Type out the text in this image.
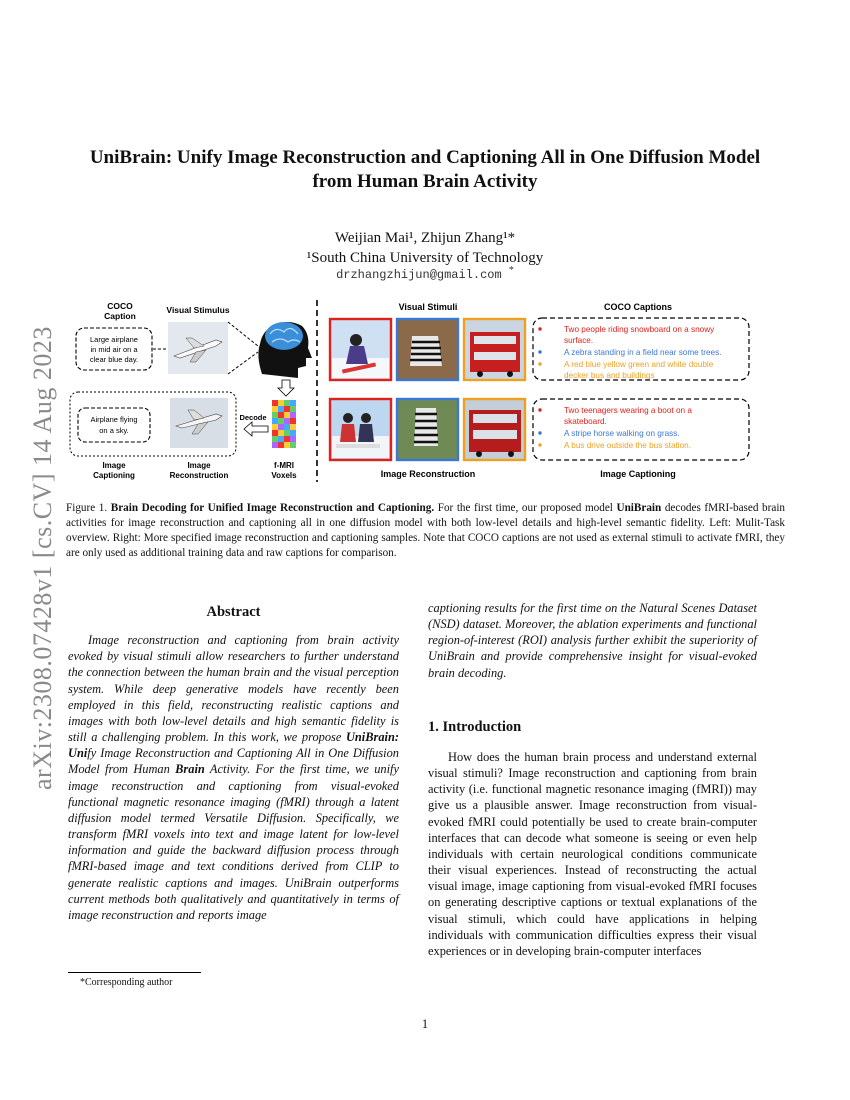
arXiv:2308.07428v1 [cs.CV] 14 Aug 2023
UniBrain: Unify Image Reconstruction and Captioning All in One Diffusion Model from Human Brain Activity
Weijian Mai¹, Zhijun Zhang¹*
¹South China University of Technology
drzhangzhijun@gmail.com *
COCO
Caption
Visual Stimulus
Large airplane
in mid air on a
clear blue day.
Decode
Airplane flying
on a sky.
Image
Captioning
Image
Reconstruction
f-MRI
Voxels
Visual Stimuli	COCO Captions
Two people riding snowboard on a snowy
surface.
A zebra standing in a field near some trees.
A red blue yellow green and white double
decker bus and buildings
Two teenagers wearing a boot on a
skateboard.
A stripe horse walking on grass.
A bus drive outside the bus station.
Image Reconstruction	Image Captioning
Figure 1. Brain Decoding for Unified Image Reconstruction and Captioning. For the first time, our proposed model UniBrain decodes fMRI-based brain activities for image reconstruction and captioning all in one diffusion model with both low-level details and high-level semantic fidelity. Left: Mulit-Task overview. Right: More specified image reconstruction and captioning samples. Note that COCO captions are not used as external stimuli to activate fMRI, they are only used as additional training data and raw captions for comparison.
Abstract

Image reconstruction and captioning from brain activity evoked by visual stimuli allow researchers to further understand the connection between the human brain and the visual perception system. While deep generative models have recently been employed in this field, reconstructing realistic captions and images with both low-level details and high semantic fidelity is still a challenging problem. In this work, we propose UniBrain: Unify Image Reconstruction and Captioning All in One Diffusion Model from Human Brain Activity. For the first time, we unify image reconstruction and captioning from visual-evoked functional magnetic resonance imaging (fMRI) through a latent diffusion model termed Versatile Diffusion. Specifically, we transform fMRI voxels into text and image latent for low-level information and guide the backward diffusion process through fMRI-based image and text conditions derived from CLIP to generate realistic captions and images. UniBrain outperforms current methods both qualitatively and quantitatively in terms of image reconstruction and reports image

captioning results for the first time on the Natural Scenes Dataset (NSD) dataset. Moreover, the ablation experiments and functional region-of-interest (ROI) analysis further exhibit the superiority of UniBrain and provide comprehensive insight for visual-evoked brain decoding.

1. Introduction

How does the human brain process and understand external visual stimuli? Image reconstruction and captioning from brain activity (i.e. functional magnetic resonance imaging (fMRI)) may give us a plausible answer. Image reconstruction from visual-evoked fMRI could potentially be used to create brain-computer interfaces that can decode what someone is seeing or even help individuals with certain neurological conditions communicate their visual experiences. Instead of reconstructing the actual visual image, image captioning from visual-evoked fMRI focuses on generating descriptive captions or textual explanations of the visual stimuli, which could have applications in helping individuals with communication difficulties express their visual experiences or in developing brain-computer interfaces

*Corresponding author
1
